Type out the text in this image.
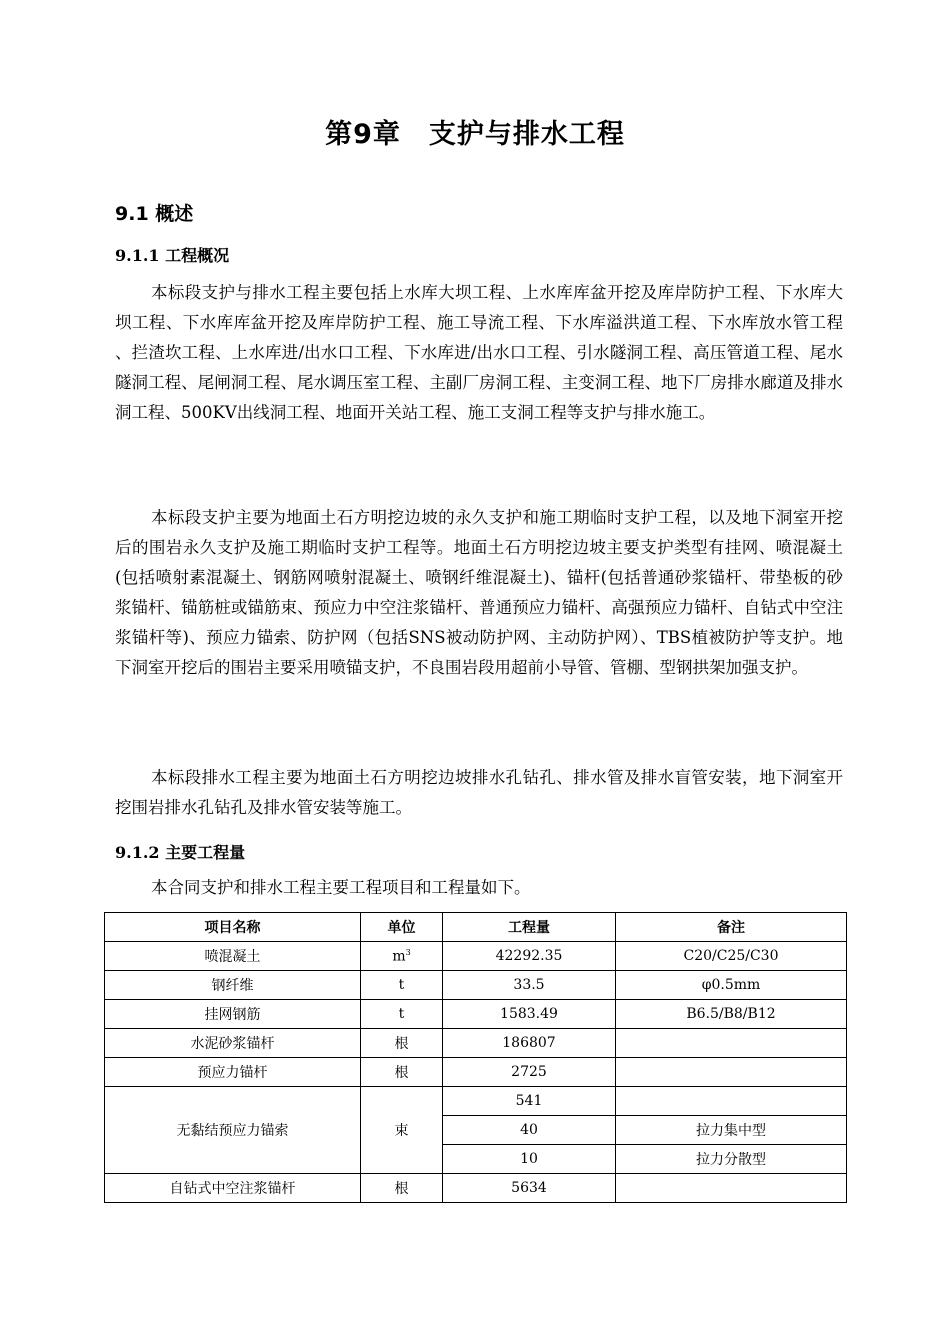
第9章　支护与排水工程
9.1 概述
9.1.1 工程概况

本标段支护与排水工程主要包括上水库大坝工程、上水库库盆开挖及库岸防护工程、下水库大坝工程、下水库库盆开挖及库岸防护工程、施工导流工程、下水库溢洪道工程、下水库放水管工程 、拦渣坎工程、上水库进/出水口工程、下水库进/出水口工程、引水隧洞工程、高压管道工程、尾水隧洞工程、尾闸洞工程、尾水调压室工程、主副厂房洞工程、主变洞工程、地下厂房排水廊道及排水洞工程、500KV出线洞工程、地面开关站工程、施工支洞工程等支护与排水施工。

本标段支护主要为地面土石方明挖边坡的永久支护和施工期临时支护工程，以及地下洞室开挖后的围岩永久支护及施工期临时支护工程等。地面土石方明挖边坡主要支护类型有挂网、喷混凝土(包括喷射素混凝土、钢筋网喷射混凝土、喷钢纤维混凝土)、锚杆(包括普通砂浆锚杆、带垫板的砂浆锚杆、锚筋桩或锚筋束、预应力中空注浆锚杆、普通预应力锚杆、高强预应力锚杆、自钻式中空注浆锚杆等)、预应力锚索、防护网（包括SNS被动防护网、主动防护网）、TBS植被防护等支护。地下洞室开挖后的围岩主要采用喷锚支护，不良围岩段用超前小导管、管棚、型钢拱架加强支护。

本标段排水工程主要为地面土石方明挖边坡排水孔钻孔、排水管及排水盲管安装，地下洞室开挖围岩排水孔钻孔及排水管安装等施工。

9.1.2 主要工程量

本合同支护和排水工程主要工程项目和工程量如下。

项目名称	单位	工程量	备注
喷混凝土	$m^3$	42292.35	C20/C25/C30
钢纤维	t	33.5	φ0.5mm
挂网钢筋	t	1583.49	B6.5/B8/B12
水泥砂浆锚杆	根	186807	
预应力锚杆	根	2725	
无黏结预应力锚索	束	541	
		40	拉力集中型
		10	拉力分散型
自钻式中空注浆锚杆	根	5634	
